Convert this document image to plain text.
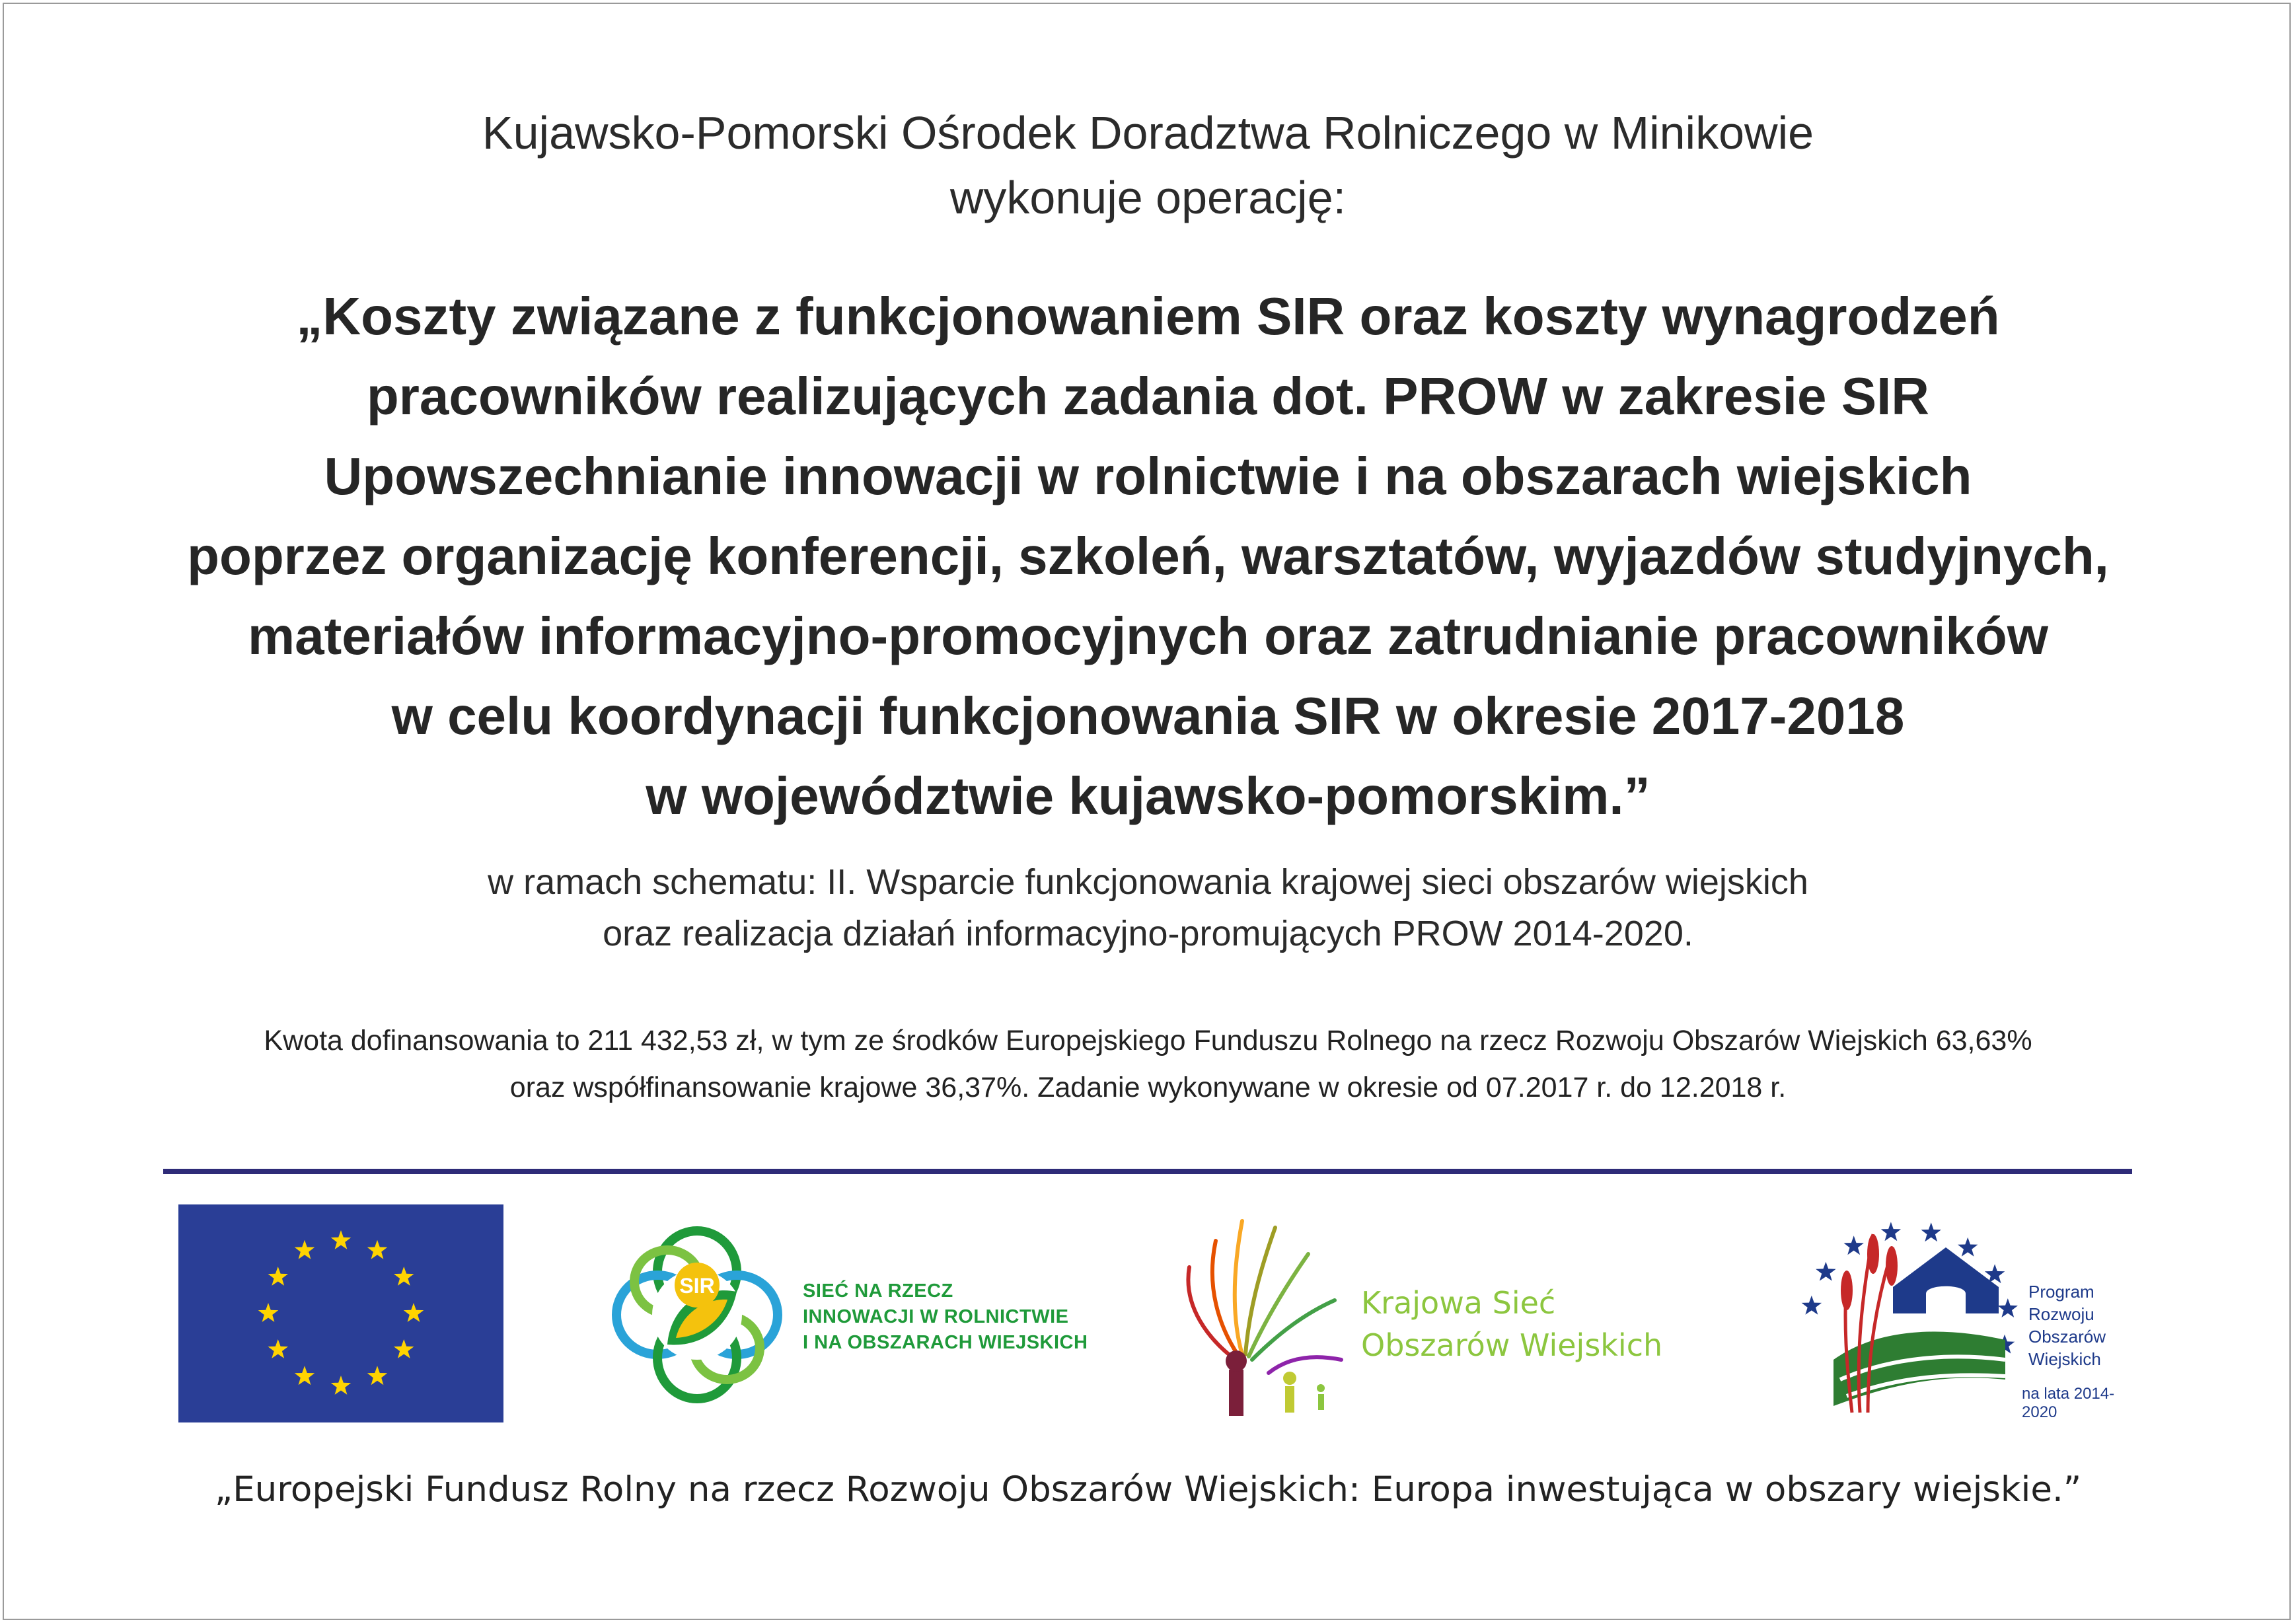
Kujawsko-Pomorski Ośrodek Doradztwa Rolniczego w Minikowie
wykonuje operację:
„Koszty związane z funkcjonowaniem SIR oraz koszty wynagrodzeń
pracowników realizujących zadania dot. PROW w zakresie SIR
Upowszechnianie innowacji w rolnictwie i na obszarach wiejskich
poprzez organizację konferencji, szkoleń, warsztatów, wyjazdów studyjnych,
materiałów informacyjno-promocyjnych oraz zatrudnianie pracowników
w celu koordynacji funkcjonowania SIR w okresie 2017-2018
w województwie kujawsko-pomorskim.”
w ramach schematu: II. Wsparcie funkcjonowania krajowej sieci obszarów wiejskich
oraz realizacja działań informacyjno-promujących PROW 2014-2020.
Kwota dofinansowania to 211 432,53 zł, w tym ze środków Europejskiego Funduszu Rolnego na rzecz Rozwoju Obszarów Wiejskich 63,63%
oraz współfinansowanie krajowe 36,37%. Zadanie wykonywane w okresie od 07.2017 r. do 12.2018 r.
SIR	SIEĆ NA RZECZ
INNOWACJI W ROLNICTWIE
I NA OBSZARACH WIEJSKICH
Krajowa Sieć
Obszarów Wiejskich
Program
Rozwoju
Obszarów
Wiejskich
na lata 2014-2020
„Europejski Fundusz Rolny na rzecz Rozwoju Obszarów Wiejskich: Europa inwestująca w obszary wiejskie.”
